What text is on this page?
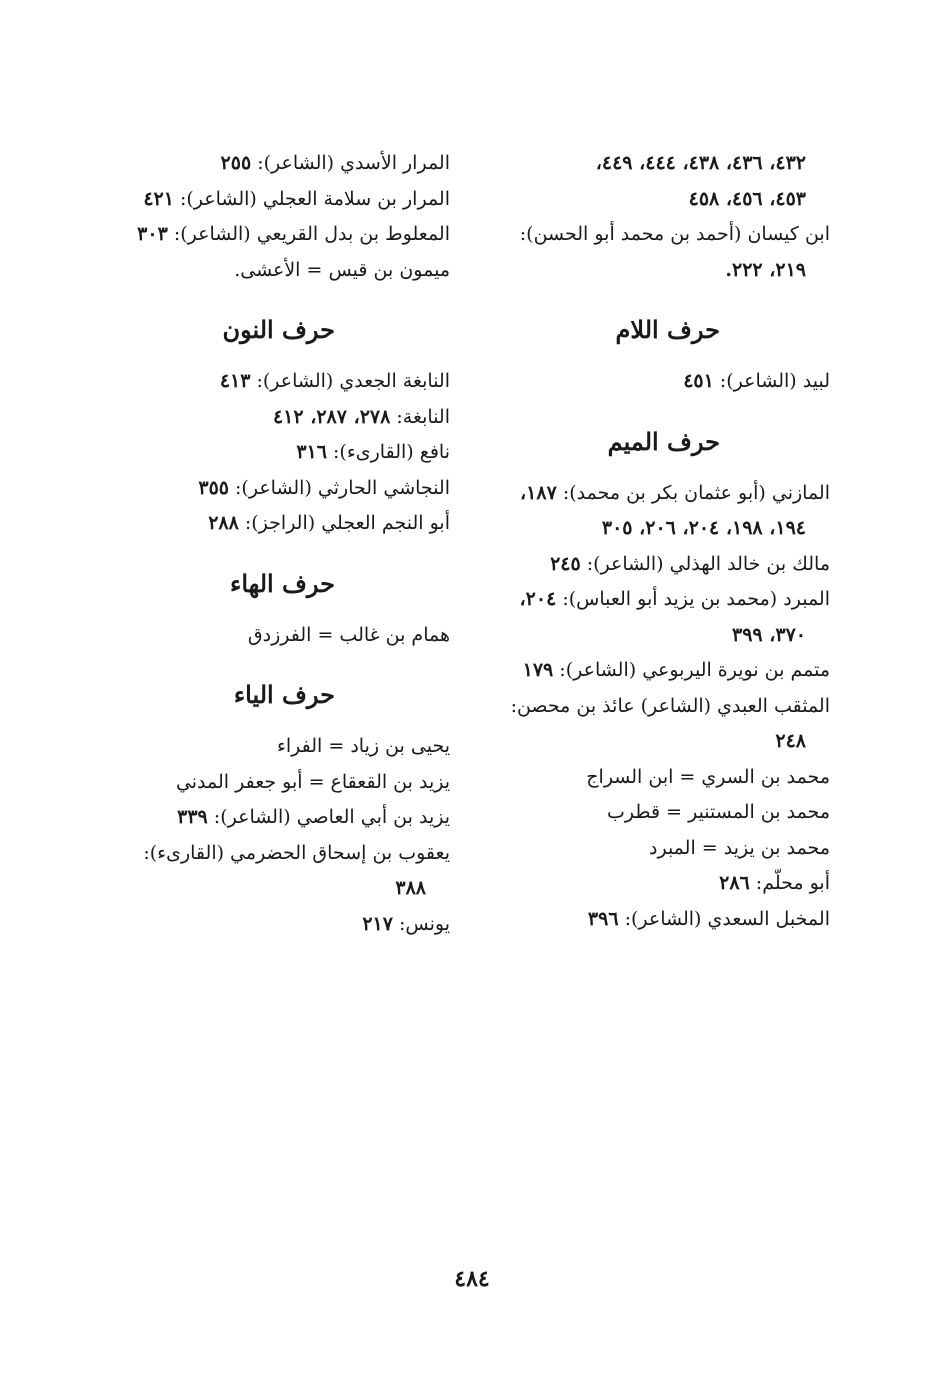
٤٣٢، ٤٣٦، ٤٣٨، ٤٤٤، ٤٤٩،
٤٥٣، ٤٥٦، ٤٥٨
ابن كيسان (أحمد بن محمد أبو الحسن):
٢١٩، ٢٢٢.
حرف اللام
لبيد (الشاعر): ٤٥١
حرف الميم
المازني (أبو عثمان بكر بن محمد): ١٨٧،
١٩٤، ١٩٨، ٢٠٤، ٢٠٦، ٣٠٥
مالك بن خالد الهذلي (الشاعر): ٢٤٥
المبرد (محمد بن يزيد أبو العباس): ٢٠٤،
٣٧٠، ٣٩٩
متمم بن نويرة اليربوعي (الشاعر): ١٧٩
المثقب العبدي (الشاعر) عائذ بن محصن:
٢٤٨
محمد بن السري = ابن السراج
محمد بن المستنير = قطرب
محمد بن يزيد = المبرد
أبو محلّم: ٢٨٦
المخبل السعدي (الشاعر): ٣٩٦
المرار الأسدي (الشاعر): ٢٥٥
المرار بن سلامة العجلي (الشاعر): ٤٢١
المعلوط بن بدل القريعي (الشاعر): ٣٠٣
ميمون بن قيس = الأعشى.
حرف النون
النابغة الجعدي (الشاعر): ٤١٣
النابغة: ٢٧٨، ٢٨٧، ٤١٢
نافع (القارىء): ٣١٦
النجاشي الحارثي (الشاعر): ٣٥٥
أبو النجم العجلي (الراجز): ٢٨٨
حرف الهاء
همام بن غالب = الفرزدق
حرف الياء
يحيى بن زياد = الفراء
يزيد بن القعقاع = أبو جعفر المدني
يزيد بن أبي العاصي (الشاعر): ٣٣٩
يعقوب بن إسحاق الحضرمي (القارىء):
٣٨٨
يونس: ٢١٧
٤٨٤
